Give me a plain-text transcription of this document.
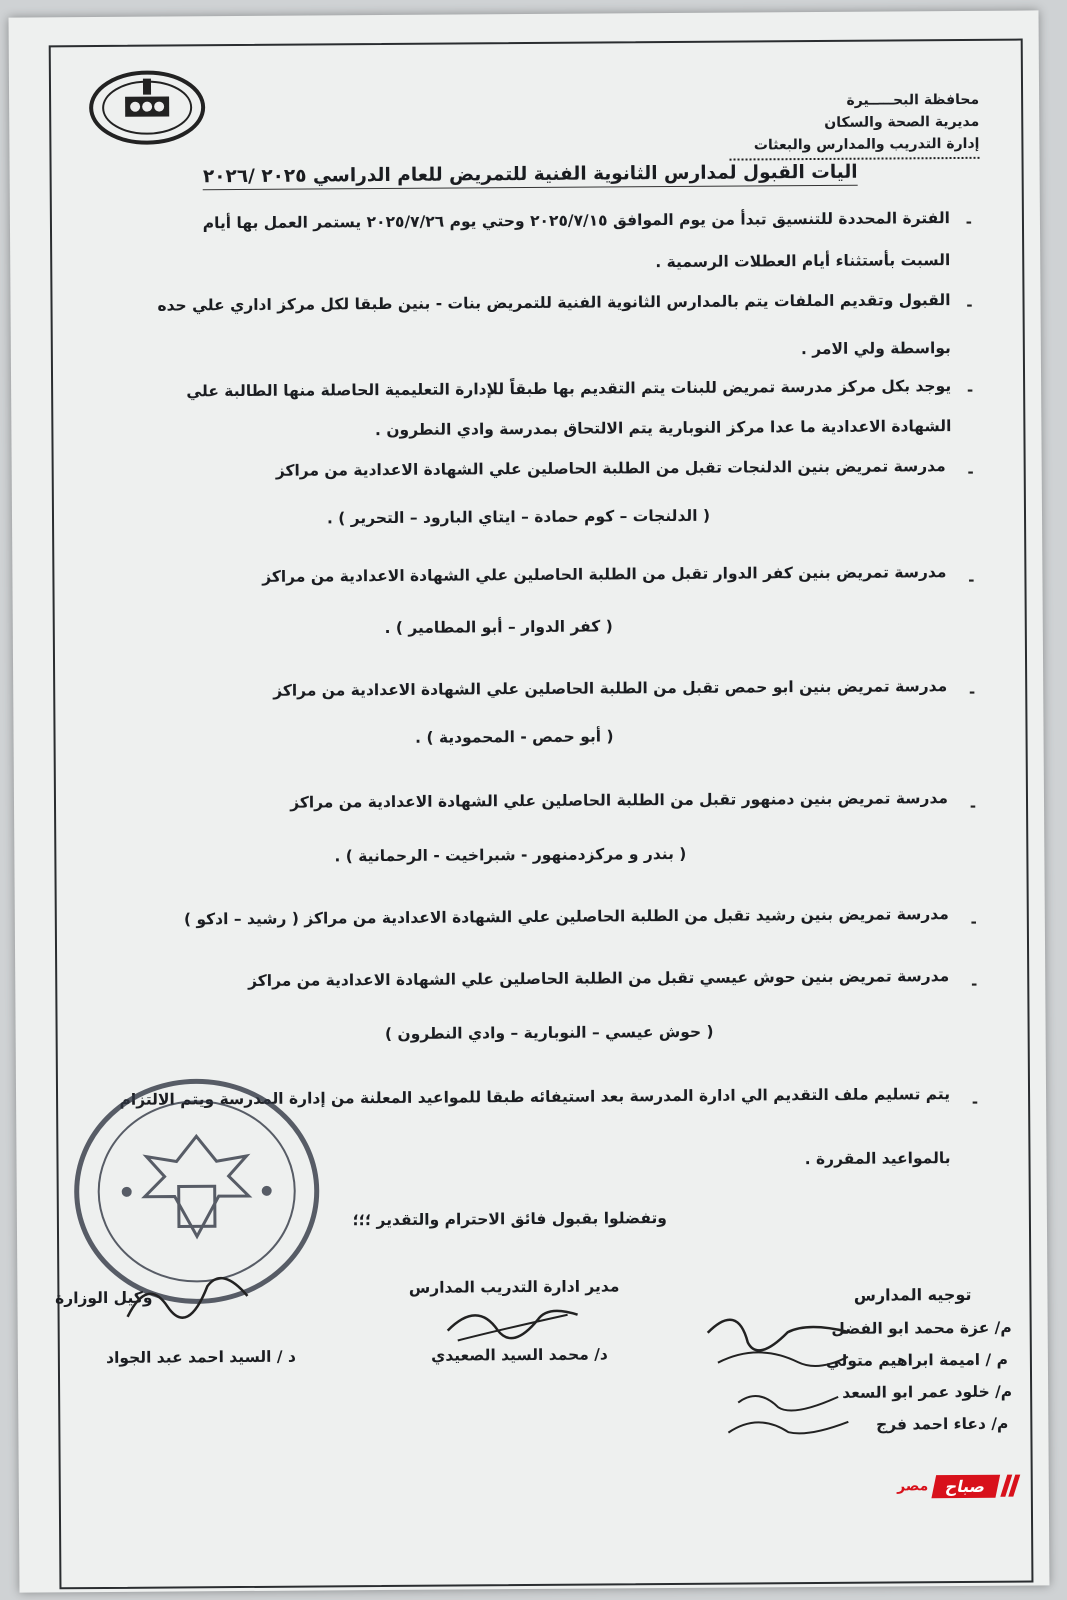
محافظة البحـــــيرة
مديرية الصحة والسكان
إدارة التدريب والمدارس والبعثات
اليات القبول لمدارس الثانوية الفنية للتمريض للعام الدراسي ٢٠٢٥ /٢٠٢٦
-
الفترة المحددة للتنسيق تبدأ من يوم الموافق ٢٠٢٥/٧/١٥ وحتي يوم ٢٠٢٥/٧/٢٦ يستمر العمل بها أيام
السبت بأستثناء أيام العطلات الرسمية .
-
القبول وتقديم الملفات يتم بالمدارس الثانوية الفنية للتمريض بنات - بنين طبقا لكل مركز اداري علي حده
بواسطة ولي الامر .
-
يوجد بكل مركز مدرسة تمريض للبنات يتم التقديم بها طبقاً للإدارة التعليمية الحاصلة منها الطالبة علي
الشهادة الاعدادية ما عدا مركز النوبارية يتم الالتحاق بمدرسة وادي النطرون .
-
مدرسة تمريض بنين الدلنجات تقبل من الطلبة الحاصلين علي الشهادة الاعدادية من مراكز
( الدلنجات – كوم حمادة – ايتاي البارود – التحرير ) .
-
مدرسة تمريض بنين كفر الدوار تقبل من الطلبة الحاصلين علي الشهادة الاعدادية من مراكز
( كفر الدوار – أبو المطامير ) .
-
مدرسة تمريض بنين ابو حمص تقبل من الطلبة الحاصلين علي الشهادة الاعدادية من مراكز
( أبو حمص - المحمودية ) .
-
مدرسة تمريض بنين دمنهور تقبل من الطلبة الحاصلين علي الشهادة الاعدادية من مراكز
( بندر و مركزدمنهور - شبراخيت - الرحمانية ) .
-
مدرسة تمريض بنين رشيد تقبل من الطلبة الحاصلين علي الشهادة الاعدادية من مراكز ( رشيد – ادكو )
-
مدرسة تمريض بنين حوش عيسي تقبل من الطلبة الحاصلين علي الشهادة الاعدادية من مراكز
( حوش عيسي – النوبارية – وادي النطرون )
-
يتم تسليم ملف التقديم الي ادارة المدرسة بعد استيفائه طبقا للمواعيد المعلنة من إدارة المدرسة ويتم الالتزام
بالمواعيد المقررة .
وتفضلوا بقبول فائق الاحترام والتقدير ؛؛؛
توجيه المدارس
م/ عزة محمد ابو الفضل
م / اميمة ابراهيم متولي
م/ خلود عمر ابو السعد
م/ دعاء احمد فرج
مدير ادارة التدريب المدارس
د/ محمد السيد الصعيدي
وكيل الوزارة
د / السيد احمد عبد الجواد
صباح
مصر
